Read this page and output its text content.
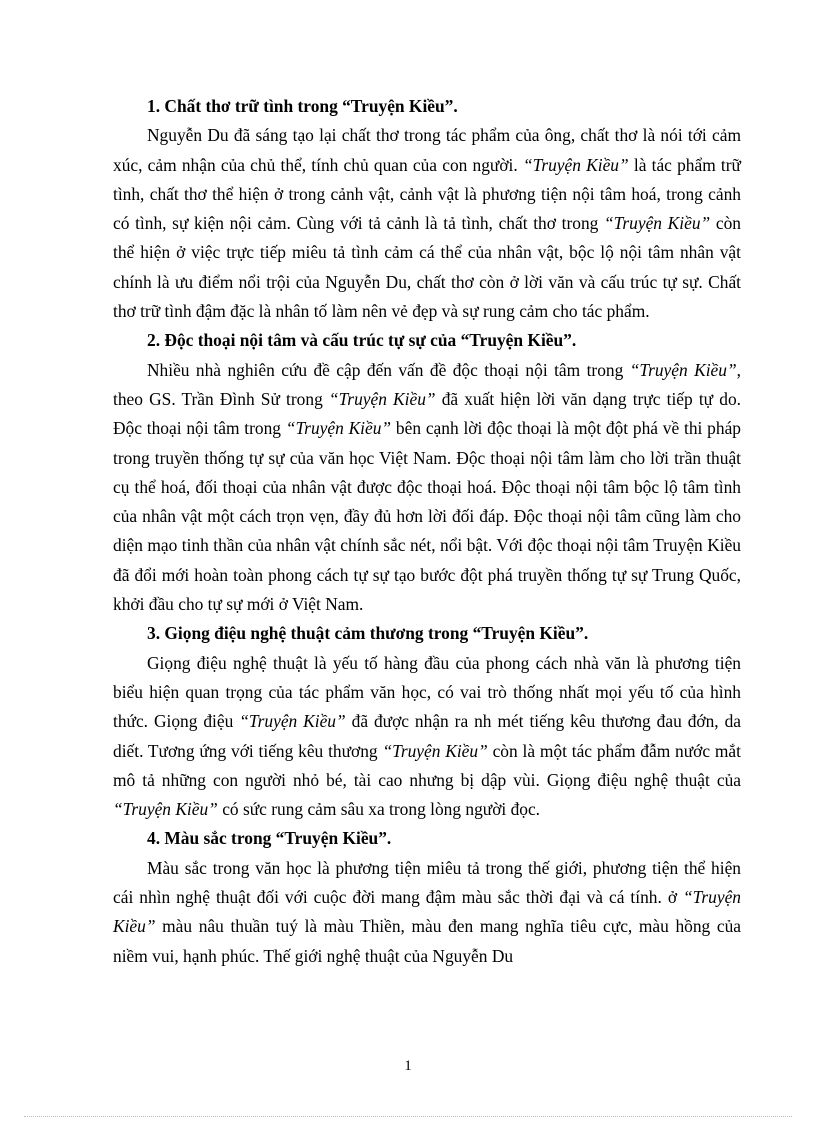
1. Chất thơ trữ tình trong “Truyện Kiều”.

Nguyễn Du đã sáng tạo lại chất thơ trong tác phẩm của ông, chất thơ là nói tới cảm xúc, cảm nhận của chủ thể, tính chủ quan của con người. “Truyện Kiều” là tác phẩm trữ tình, chất thơ thể hiện ở trong cảnh vật, cảnh vật là phương tiện nội tâm hoá, trong cảnh có tình, sự kiện nội cảm. Cùng với tả cảnh là tả tình, chất thơ trong “Truyện Kiều” còn thể hiện ở việc trực tiếp miêu tả tình cảm cá thể của nhân vật, bộc lộ nội tâm nhân vật chính là ưu điểm nổi trội của Nguyễn Du, chất thơ còn ở lời văn và cấu trúc tự sự. Chất thơ trữ tình đậm đặc là nhân tố làm nên vẻ đẹp và sự rung cảm cho tác phẩm.

2. Độc thoại nội tâm và cấu trúc tự sự của “Truyện Kiều”.

Nhiều nhà nghiên cứu đề cập đến vấn đề độc thoại nội tâm trong “Truyện Kiều”, theo GS. Trần Đình Sử trong “Truyện Kiều” đã xuất hiện lời văn dạng trực tiếp tự do. Độc thoại nội tâm trong “Truyện Kiều” bên cạnh lời độc thoại là một đột phá về thi pháp trong truyền thống tự sự của văn học Việt Nam. Độc thoại nội tâm làm cho lời trần thuật cụ thể hoá, đối thoại của nhân vật được độc thoại hoá. Độc thoại nội tâm bộc lộ tâm tình của nhân vật một cách trọn vẹn, đầy đủ hơn lời đối đáp. Độc thoại nội tâm cũng làm cho diện mạo tinh thần của nhân vật chính sắc nét, nổi bật. Với độc thoại nội tâm Truyện Kiều đã đổi mới hoàn toàn phong cách tự sự tạo bước đột phá truyền thống tự sự Trung Quốc, khởi đầu cho tự sự mới ở Việt Nam.

3. Giọng điệu nghệ thuật cảm thương trong “Truyện Kiều”.

Giọng điệu nghệ thuật là yếu tố hàng đầu của phong cách nhà văn là phương tiện biểu hiện quan trọng của tác phẩm văn học, có vai trò thống nhất mọi yếu tố của hình thức. Giọng điệu “Truyện Kiều” đã được nhận ra nh mét tiếng kêu thương đau đớn, da diết. Tương ứng với tiếng kêu thương “Truyện Kiều” còn là một tác phẩm đẫm nước mắt mô tả những con người nhỏ bé, tài cao nhưng bị dập vùi. Giọng điệu nghệ thuật của “Truyện Kiều” có sức rung cảm sâu xa trong lòng người đọc.

4. Màu sắc trong “Truyện Kiều”.

Màu sắc trong văn học là phương tiện miêu tả trong thế giới, phương tiện thể hiện cái nhìn nghệ thuật đối với cuộc đời mang đậm màu sắc thời đại và cá tính. ở “Truyện Kiều” màu nâu thuần tuý là màu Thiền, màu đen mang nghĩa tiêu cực, màu hồng của niềm vui, hạnh phúc. Thế giới nghệ thuật của Nguyễn Du

1
